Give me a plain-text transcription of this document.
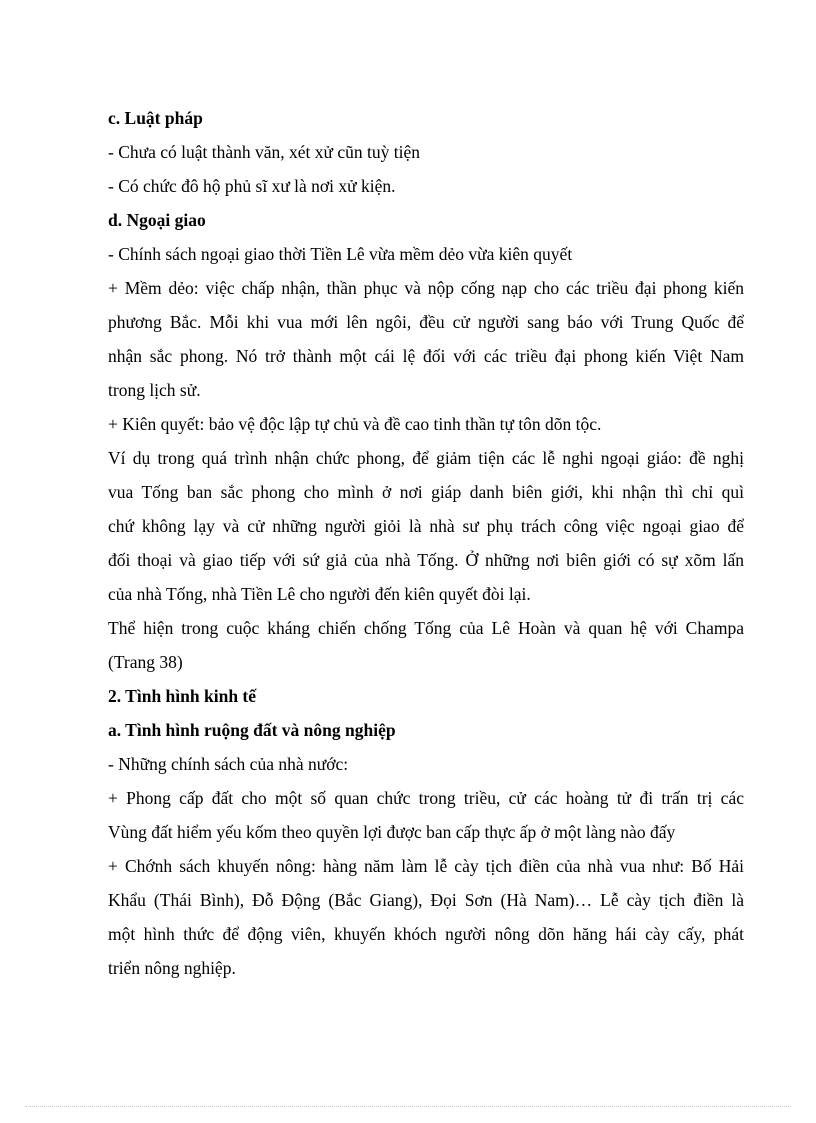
c. Luật pháp
- Chưa có luật thành văn, xét xử cũn tuỳ tiện
- Có chức đô hộ phủ sĩ xư là nơi xử kiện.
d. Ngoại giao
- Chính sách ngoại giao thời Tiền Lê vừa mềm dẻo vừa kiên quyết
+ Mềm dẻo: việc chấp nhận, thần phục và nộp cống nạp cho các triều đại phong kiến
phương Bắc. Mỗi khi vua mới lên ngôi, đều cử người sang báo với Trung Quốc để
nhận sắc phong. Nó trở thành một cái lệ đối với các triều đại phong kiến Việt Nam
trong lịch sử.
+ Kiên quyết: bảo vệ độc lập tự chủ và đề cao tinh thần tự tôn dõn tộc.
Ví dụ trong quá trình nhận chức phong, để giảm tiện các lễ nghi ngoại giáo: đề nghị
vua Tống ban sắc phong cho mình ở nơi giáp danh biên giới, khi nhận thì chỉ quì
chứ không lạy và cử những người giỏi là nhà sư phụ trách công việc ngoại giao để
đối thoại và giao tiếp với sứ giả của nhà Tống. Ở những nơi biên giới có sự xõm lấn
của nhà Tống, nhà Tiền Lê cho người đến kiên quyết đòi lại.
Thể hiện trong cuộc kháng chiến chống Tống của Lê Hoàn và quan hệ với Champa
(Trang 38)
2. Tình hình kinh tế
a. Tình hình ruộng đất và nông nghiệp
- Những chính sách của nhà nước:
+ Phong cấp đất cho một số quan chức trong triều, cử các hoàng tử đi trấn trị các
Vùng đất hiểm yếu kốm theo quyền lợi được ban cấp thực ấp ở một làng nào đấy
+ Chớnh sách khuyến nông: hàng năm làm lễ cày tịch điền của nhà vua như: Bố Hải
Khẩu (Thái Bình), Đỗ Động (Bắc Giang), Đọi Sơn (Hà Nam)… Lễ cày tịch điền là
một hình thức để động viên, khuyến khóch người nông dõn hăng hái cày cấy, phát
triển nông nghiệp.
